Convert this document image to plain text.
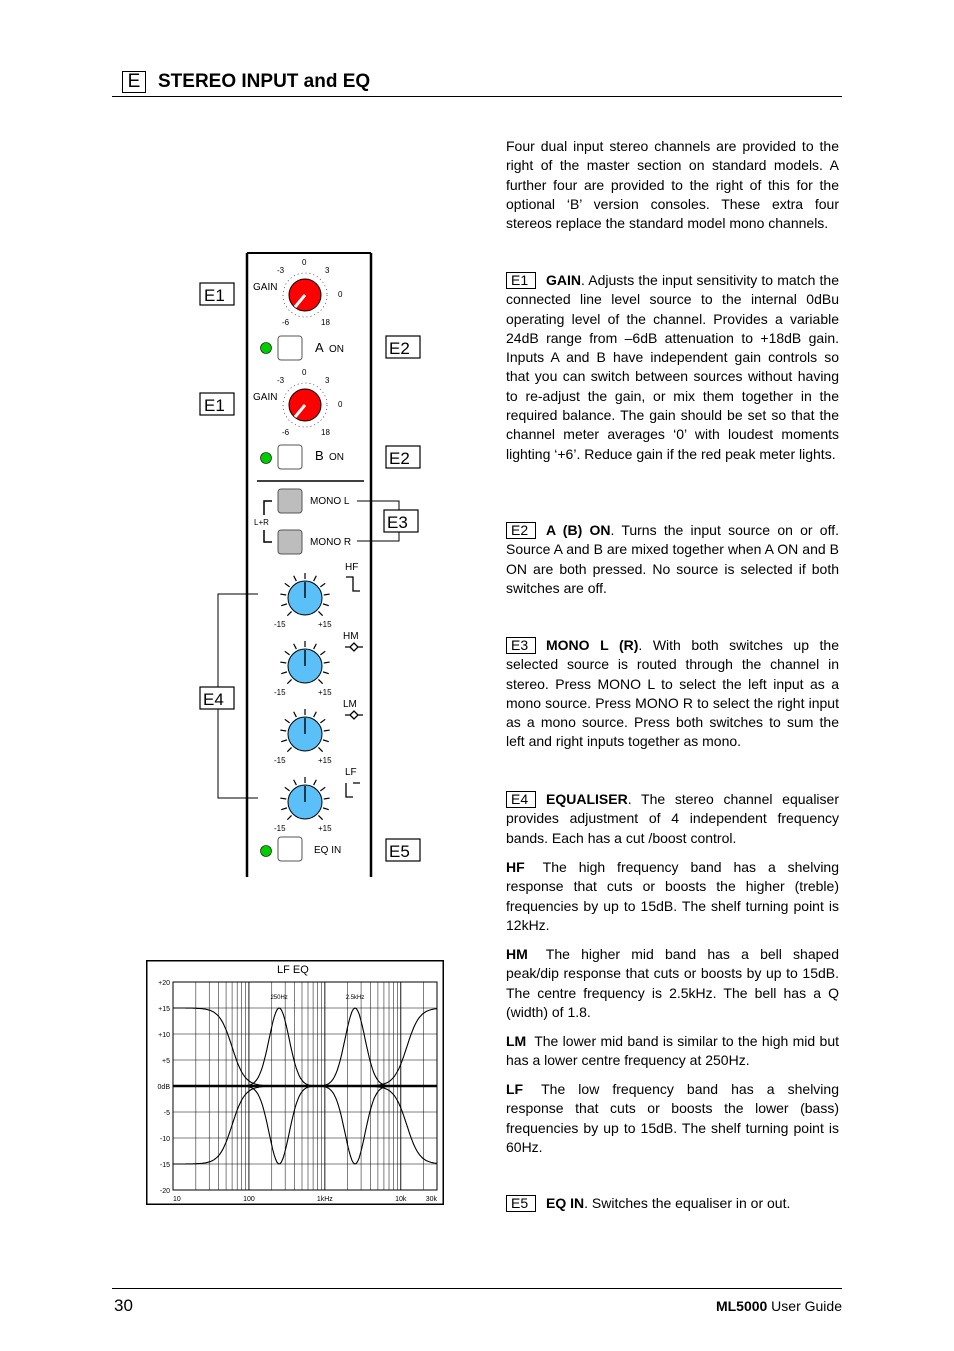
E STEREO INPUT and EQ
Four dual input stereo channels are provided to the right of the master section on standard models. A further four are provided to the right of this for the optional ‘B’ version consoles. These extra four stereos replace the standard model mono channels.
E1 GAIN. Adjusts the input sensitivity to match the connected line level source to the internal 0dBu operating level of the channel. Provides a variable 24dB range from –6dB attenuation to +18dB gain. Inputs A and B have independent gain controls so that you can switch between sources without having to re-adjust the gain, or mix them together in the required balance. The gain should be set so that the channel meter averages ‘0’ with loudest moments lighting ‘+6’. Reduce gain if the red peak meter lights.
E2 A (B) ON. Turns the input source on or off. Source A and B are mixed together when A ON and B ON are both pressed. No source is selected if both switches are off.
E3 MONO L (R). With both switches up the selected source is routed through the channel in stereo. Press MONO L to select the left input as a mono source. Press MONO R to select the right input as a mono source. Press both switches to sum the left and right inputs together as mono.
E4 EQUALISER. The stereo channel equaliser provides adjustment of 4 independent frequency bands. Each has a cut /boost control.
HF The high frequency band has a shelving response that cuts or boosts the higher (treble) frequencies by up to 15dB. The shelf turning point is 12kHz.
HM The higher mid band has a bell shaped peak/dip response that cuts or boosts by up to 15dB. The centre frequency is 2.5kHz. The bell has a Q (width) of 1.8.
LM The lower mid band is similar to the high mid but has a lower centre frequency at 250Hz.
LF The low frequency band has a shelving response that cuts or boosts the lower (bass) frequencies by up to 15dB. The shelf turning point is 60Hz.
E5 EQ IN. Switches the equaliser in or out.
GAIN
0
-3	3
0
-6	18
A ON
GAIN
0
-3	3
0
-6	18
B ON
MONO L
MONO R
L+R
HF
HM
LM
LF
-15	+15
-15	+15
-15	+15
-15	+15
EQ IN
E1
E2
E1
E2
E3
E4
E5
LF EQ
+20
+15
+10
+5
0dB
-5
-10
-15
-20
10	100	1kHz	10k	30k
250Hz	2.5kHz
30	ML5000 User Guide
